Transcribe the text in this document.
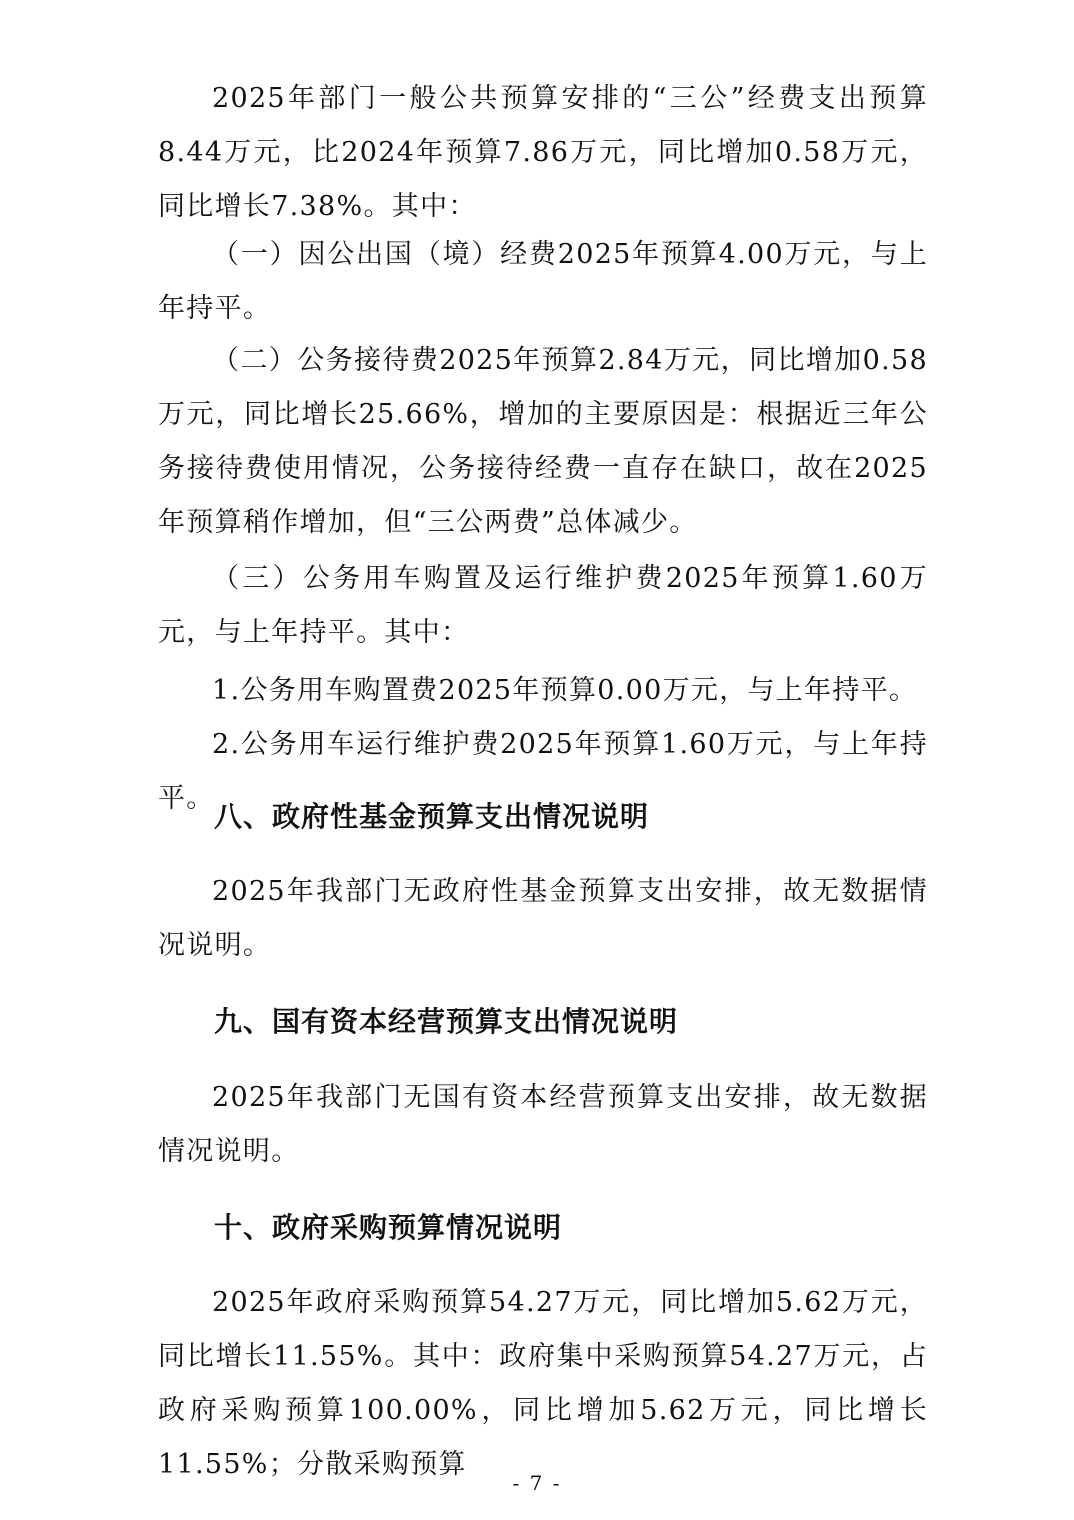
2025年部门一般公共预算安排的“三公”经费支出预算8.44万元，比2024年预算7.86万元，同比增加0.58万元，同比增长7.38%。其中：

（一）因公出国（境）经费2025年预算4.00万元，与上年持平。

（二）公务接待费2025年预算2.84万元，同比增加0.58万元，同比增长25.66%，增加的主要原因是：根据近三年公务接待费使用情况，公务接待经费一直存在缺口，故在2025年预算稍作增加，但“三公两费”总体减少。

（三）公务用车购置及运行维护费2025年预算1.60万元，与上年持平。其中：

1.公务用车购置费2025年预算0.00万元，与上年持平。

2.公务用车运行维护费2025年预算1.60万元，与上年持平。

八、政府性基金预算支出情况说明

2025年我部门无政府性基金预算支出安排，故无数据情况说明。

九、国有资本经营预算支出情况说明

2025年我部门无国有资本经营预算支出安排，故无数据情况说明。

十、政府采购预算情况说明

2025年政府采购预算54.27万元，同比增加5.62万元，同比增长11.55%。其中：政府集中采购预算54.27万元，占政府采购预算100.00%，同比增加5.62万元，同比增长11.55%；分散采购预算

- 7 -
